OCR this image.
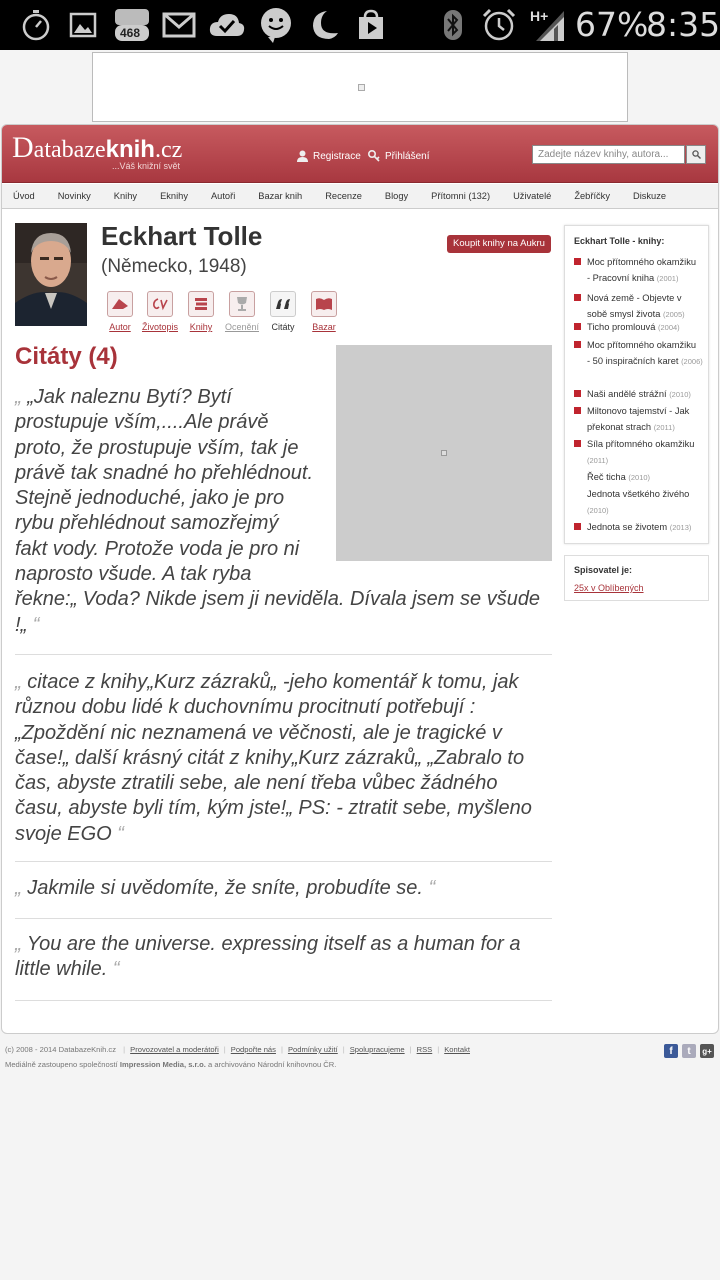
468
H+ 67%
8:35
Databazeknih.cz
...Váš knižní svět
Registrace Přihlášení	Zadejte název knihy, autora...
Úvod Novinky Knihy Eknihy Autoři Bazar knih Recenze Blogy Přítomni (132) Uživatelé Žebříčky Diskuze
Eckhart Tolle
(Německo, 1948)
Koupit knihy na Aukru
Autor	Životopis	Knihy	Ocenění	Citáty	Bazar
Citáty (4)
„ „Jak naleznu Bytí? Bytí
prostupuje vším,....Ale právě
proto, že prostupuje vším, tak je
právě tak snadné ho přehlédnout.
Stejně jednoduché, jako je pro
rybu přehlédnout samozřejmý
fakt vody. Protože voda je pro ni
naprosto všude. A tak ryba
řekne:„ Voda? Nikde jsem ji neviděla. Dívala jsem se všude
!„ “
„ citace z knihy„Kurz zázraků„ -jeho komentář k tomu, jak
různou dobu lidé k duchovnímu procitnutí potřebují :
„Zpoždění nic neznamená ve věčnosti, ale je tragické v
čase!„ další krásný citát z knihy„Kurz zázraků„ „Zabralo to
čas, abyste ztratili sebe, ale není třeba vůbec žádného
času, abyste byli tím, kým jste!„ PS: - ztratit sebe, myšleno
svoje EGO “
„ Jakmile si uvědomíte, že sníte, probudíte se. “
„ You are the universe. expressing itself as a human for a
little while. “
Eckhart Tolle - knihy:
Moc přítomného okamžiku
- Pracovní kniha (2001)
Nová země - Objevte v
sobě smysl života (2005)
Ticho promlouvá (2004)
Moc přítomného okamžiku
- 50 inspiračních karet (2006)
Naši andělé strážní (2010)
Miltonovo tajemství - Jak
překonat strach (2011)
Síla přítomného okamžiku (2011)
Řeč ticha (2010)
Jednota všetkého živého (2010)
Jednota se životem (2013)
Spisovatel je:
25x v Oblíbených
(c) 2008 - 2014 DatabazeKnih.cz | Provozovatel a moderátoři | Podpořte nás | Podmínky užití | Spolupracujeme | RSS | Kontakt
Mediálně zastoupeno společností Impression Media, s.r.o. a archivováno Národní knihovnou ČR.
f	t	g+
